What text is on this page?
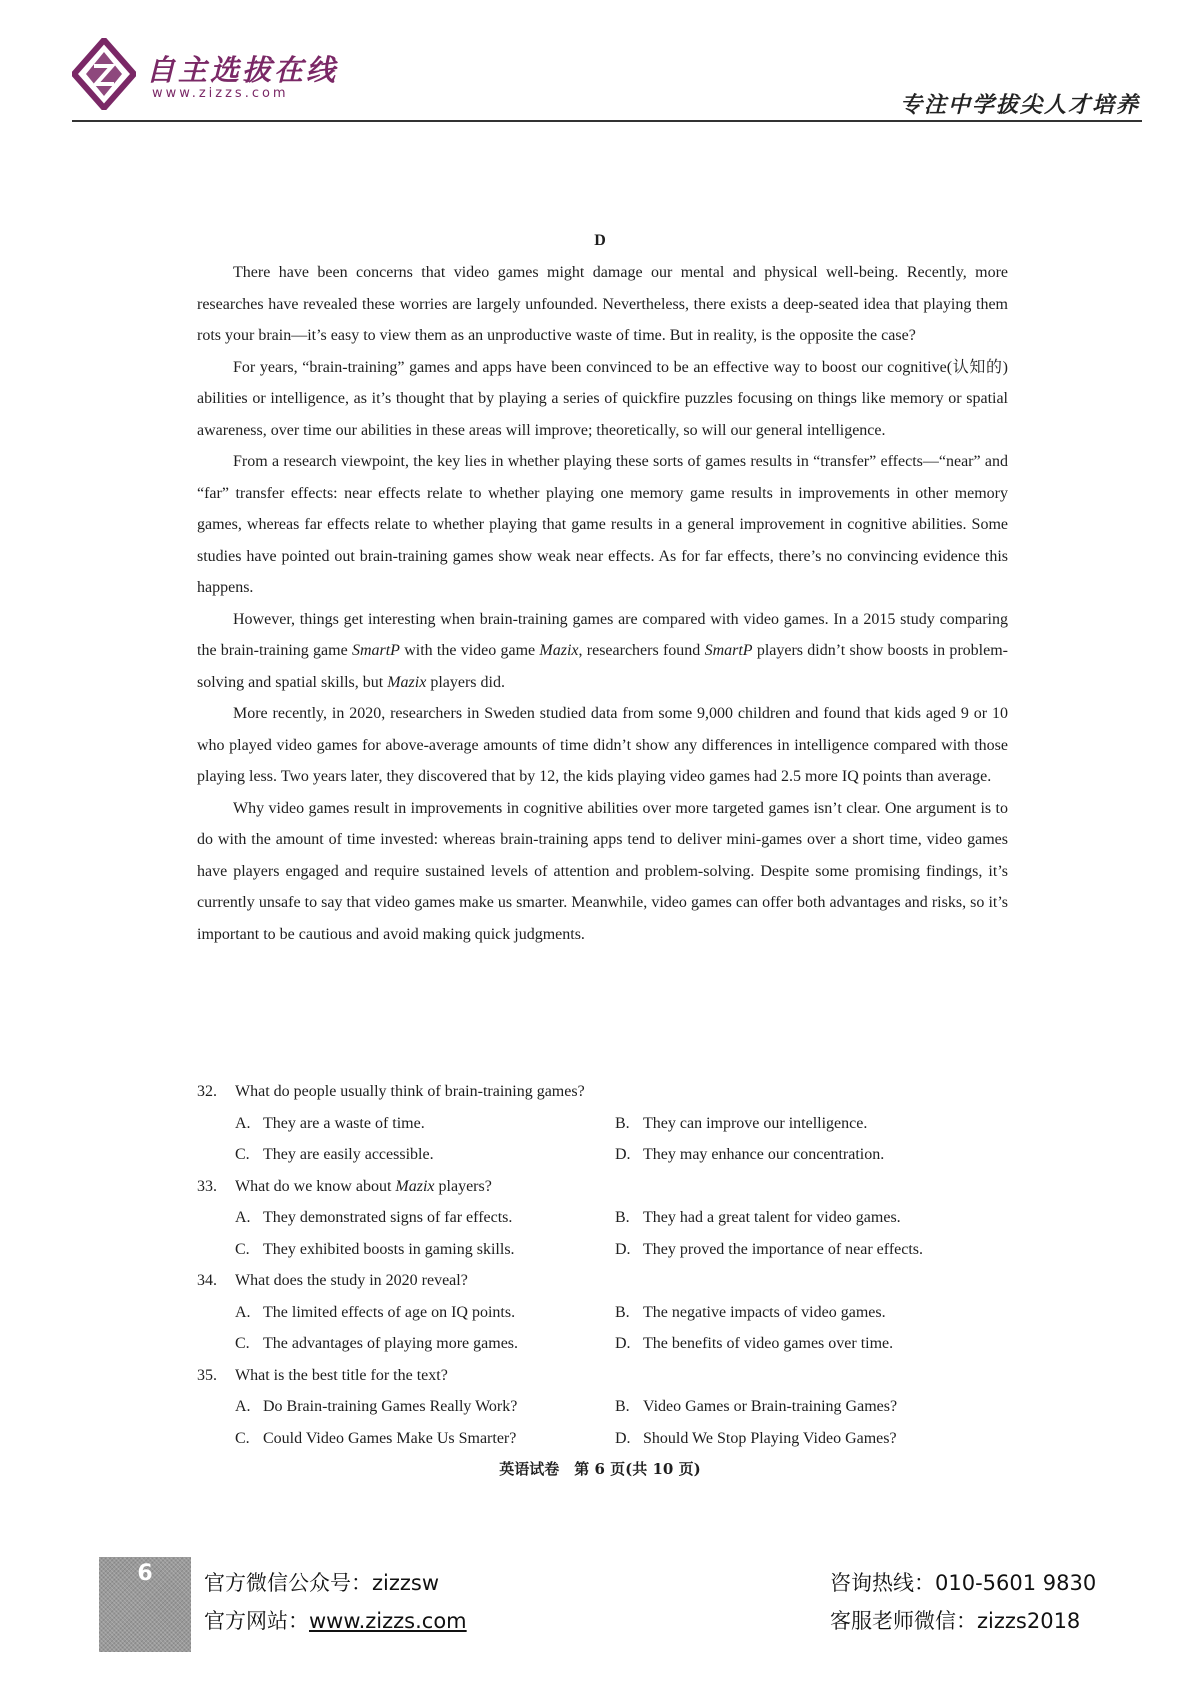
自主选拔在线
www.zizzs.com	专注中学拔尖人才培养
D

There have been concerns that video games might damage our mental and physical well-being. Recently, more researches have revealed these worries are largely unfounded. Nevertheless, there exists a deep-seated idea that playing them rots your brain—it’s easy to view them as an unproductive waste of time. But in reality, is the opposite the case?

For years, “brain-training” games and apps have been convinced to be an effective way to boost our cognitive(认知的) abilities or intelligence, as it’s thought that by playing a series of quickfire puzzles focusing on things like memory or spatial awareness, over time our abilities in these areas will improve; theoretically, so will our general intelligence.

From a research viewpoint, the key lies in whether playing these sorts of games results in “transfer” effects—“near” and “far” transfer effects: near effects relate to whether playing one memory game results in improvements in other memory games, whereas far effects relate to whether playing that game results in a general improvement in cognitive abilities. Some studies have pointed out brain-training games show weak near effects. As for far effects, there’s no convincing evidence this happens.

However, things get interesting when brain-training games are compared with video games. In a 2015 study comparing the brain-training game SmartP with the video game Mazix, researchers found SmartP players didn’t show boosts in problem-solving and spatial skills, but Mazix players did.

More recently, in 2020, researchers in Sweden studied data from some 9,000 children and found that kids aged 9 or 10 who played video games for above-average amounts of time didn’t show any differences in intelligence compared with those playing less. Two years later, they discovered that by 12, the kids playing video games had 2.5 more IQ points than average.

Why video games result in improvements in cognitive abilities over more targeted games isn’t clear. One argument is to do with the amount of time invested: whereas brain-training apps tend to deliver mini-games over a short time, video games have players engaged and require sustained levels of attention and problem-solving. Despite some promising findings, it’s currently unsafe to say that video games make us smarter. Meanwhile, video games can offer both advantages and risks, so it’s important to be cautious and avoid making quick judgments.

32. What do people usually think of brain-training games?
A. They are a waste of time.	B. They can improve our intelligence.
C. They are easily accessible.	D. They may enhance our concentration.
33. What do we know about Mazix players?
A. They demonstrated signs of far effects.	B. They had a great talent for video games.
C. They exhibited boosts in gaming skills.	D. They proved the importance of near effects.
34. What does the study in 2020 reveal?
A. The limited effects of age on IQ points.	B. The negative impacts of video games.
C. The advantages of playing more games.	D. The benefits of video games over time.
35. What is the best title for the text?
A. Do Brain-training Games Really Work?	B. Video Games or Brain-training Games?
C. Could Video Games Make Us Smarter?	D. Should We Stop Playing Video Games?
英语试卷　第 6 页(共 10 页)
6	官方微信公众号：zizzsw
官方网站：www.zizzs.com
咨询热线：010-5601 9830
客服老师微信：zizzs2018
